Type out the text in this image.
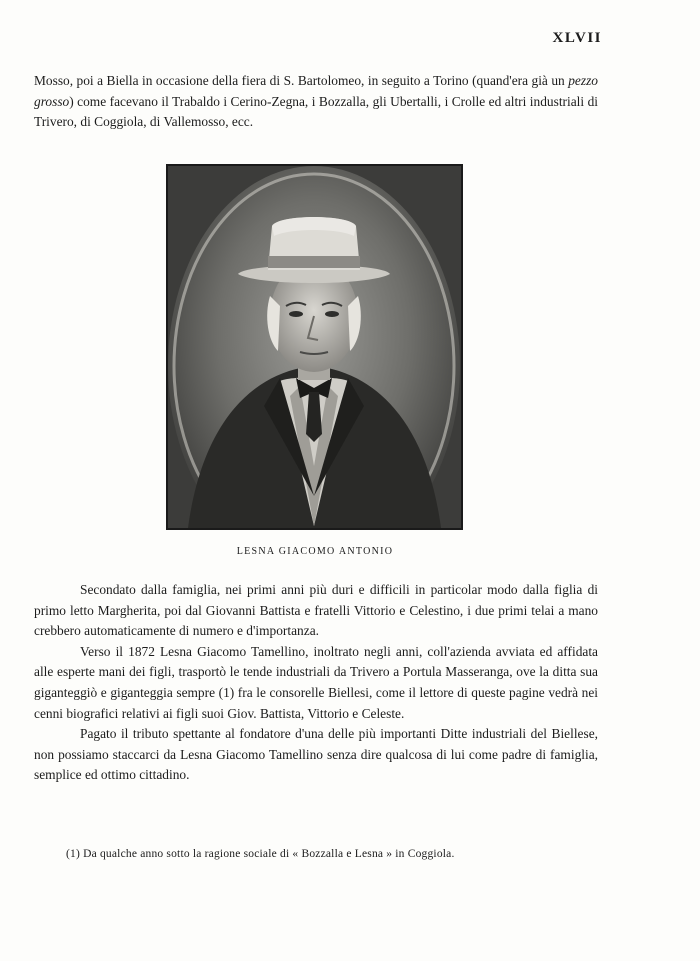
XLVII

Mosso, poi a Biella in occasione della fiera di S. Bartolomeo, in seguito a Torino (quand'era già un pezzo grosso) come facevano il Trabaldo i Cerino-Zegna, i Bozzalla, gli Ubertalli, i Crolle ed altri industriali di Trivero, di Coggiola, di Vallemosso, ecc.

LESNA GIACOMO ANTONIO

Secondato dalla famiglia, nei primi anni più duri e difficili in particolar modo dalla figlia di primo letto Margherita, poi dal Giovanni Battista e fratelli Vittorio e Celestino, i due primi telai a mano crebbero automaticamente di numero e d'importanza.

Verso il 1872 Lesna Giacomo Tamellino, inoltrato negli anni, coll'azienda avviata ed affidata alle esperte mani dei figli, trasportò le tende industriali da Trivero a Portula Masseranga, ove la ditta sua giganteggiò e giganteggia sempre (1) fra le consorelle Biellesi, come il lettore di queste pagine vedrà nei cenni biografici relativi ai figli suoi Giov. Battista, Vittorio e Celeste.

Pagato il tributo spettante al fondatore d'una delle più importanti Ditte industriali del Biellese, non possiamo staccarci da Lesna Giacomo Tamellino senza dire qualcosa di lui come padre di famiglia, semplice ed ottimo cittadino.

(1) Da qualche anno sotto la ragione sociale di « Bozzalla e Lesna » in Coggiola.
